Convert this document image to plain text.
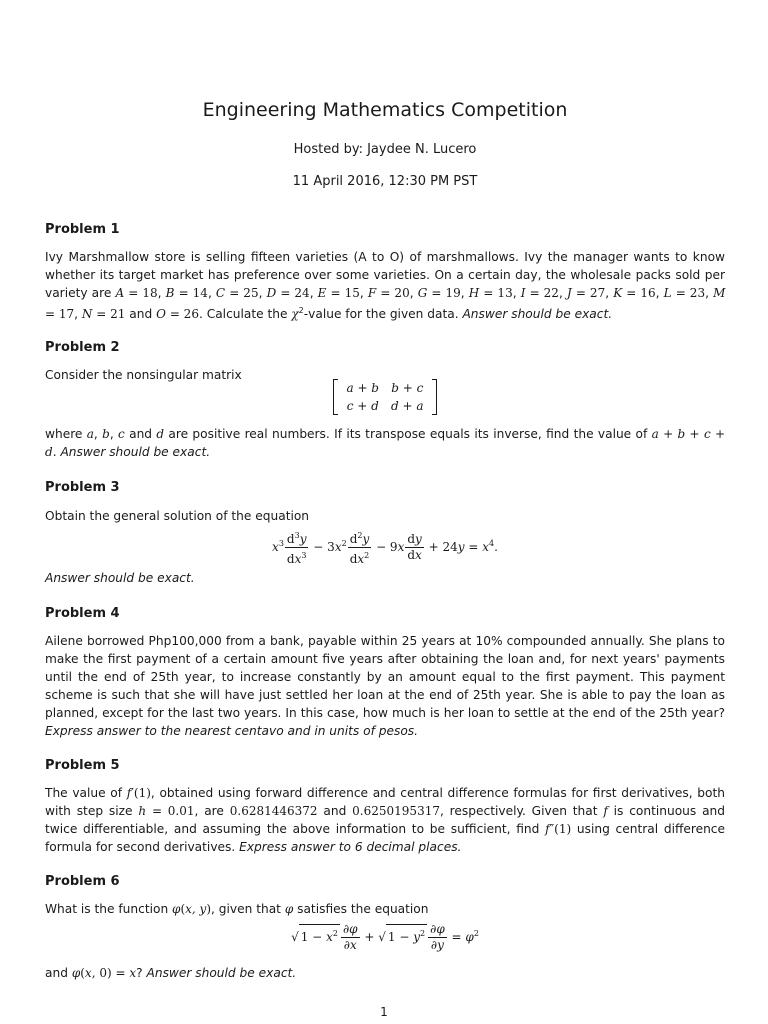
Engineering Mathematics Competition
Hosted by: Jaydee N. Lucero
11 April 2016, 12:30 PM PST
Problem 1

Ivy Marshmallow store is selling fifteen varieties (A to O) of marshmallows. Ivy the manager wants to know whether its target market has preference over some varieties. On a certain day, the wholesale packs sold per variety are A = 18, B = 14, C = 25, D = 24, E = 15, F = 20, G = 19, H = 13, I = 22, J = 27, K = 16, L = 23, M = 17, N = 21 and O = 26. Calculate the $\chi^2$-value for the given data. Answer should be exact.

Problem 2

Consider the nonsingular matrix

a + b	b + c
c + d	d + a

where a, b, c and d are positive real numbers. If its transpose equals its inverse, find the value of a + b + c + d. Answer should be exact.

Problem 3

Obtain the general solution of the equation

$x^3 \frac{d^3y}{dx^3} - 3x^2 \frac{d^2y}{dx^2} - 9x \frac{dy}{dx} + 24y = x^4$.

Answer should be exact.

Problem 4

Ailene borrowed Php100,000 from a bank, payable within 25 years at 10% compounded annually. She plans to make the first payment of a certain amount five years after obtaining the loan and, for next years' payments until the end of 25th year, to increase constantly by an amount equal to the first payment. This payment scheme is such that she will have just settled her loan at the end of 25th year. She is able to pay the loan as planned, except for the last two years. In this case, how much is her loan to settle at the end of the 25th year? Express answer to the nearest centavo and in units of pesos.

Problem 5

The value of f′(1), obtained using forward difference and central difference formulas for first derivatives, both with step size h = 0.01, are 0.6281446372 and 0.6250195317, respectively. Given that f is continuous and twice differentiable, and assuming the above information to be sufficient, find f″(1) using central difference formula for second derivatives. Express answer to 6 decimal places.

Problem 6

What is the function φ(x, y), given that φ satisfies the equation

√ $1 - x^2 \frac{\partial\varphi}{\partial x}$ + √ $1 - y^2 \frac{\partial\varphi}{\partial y} = \varphi^2$

and φ(x, 0) = x? Answer should be exact.

1
